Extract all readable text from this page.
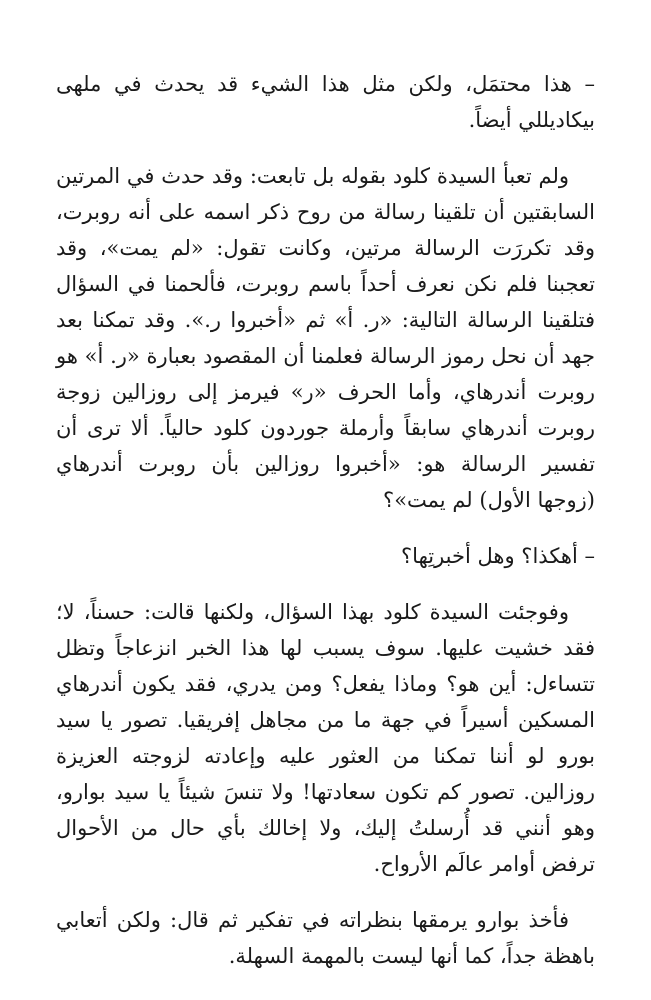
– هذا محتمَل، ولكن مثل هذا الشيء قد يحدث في ملهى بيكاديللي أيضاً.

ولم تعبأ السيدة كلود بقوله بل تابعت: وقد حدث في المرتين السابقتين أن تلقينا رسالة من روح ذكر اسمه على أنه روبرت، وقد تكررَت الرسالة مرتين، وكانت تقول: «لم يمت»، وقد تعجبنا فلم نكن نعرف أحداً باسم روبرت، فألحمنا في السؤال فتلقينا الرسالة التالية: «ر. أ» ثم «أخبروا ر.». وقد تمكنا بعد جهد أن نحل رموز الرسالة فعلمنا أن المقصود بعبارة «ر. أ» هو روبرت أندرهاي، وأما الحرف «ر» فيرمز إلى روزالين زوجة روبرت أندرهاي سابقاً وأرملة جوردون كلود حالياً. ألا ترى أن تفسير الرسالة هو: «أخبروا روزالين بأن روبرت أندرهاي (زوجها الأول) لم يمت»؟

– أهكذا؟ وهل أخبرتِها؟

وفوجئت السيدة كلود بهذا السؤال، ولكنها قالت: حسناً، لا؛ فقد خشيت عليها. سوف يسبب لها هذا الخبر انزعاجاً وتظل تتساءل: أين هو؟ وماذا يفعل؟ ومن يدري، فقد يكون أندرهاي المسكين أسيراً في جهة ما من مجاهل إفريقيا. تصور يا سيد بورو لو أننا تمكنا من العثور عليه وإعادته لزوجته العزيزة روزالين. تصور كم تكون سعادتها! ولا تنسَ شيئاً يا سيد بوارو، وهو أنني قد أُرسلتُ إليك، ولا إخالك بأي حال من الأحوال ترفض أوامر عالَم الأرواح.

فأخذ بوارو يرمقها بنظراته في تفكير ثم قال: ولكن أتعابي باهظة جداً، كما أنها ليست بالمهمة السهلة.
